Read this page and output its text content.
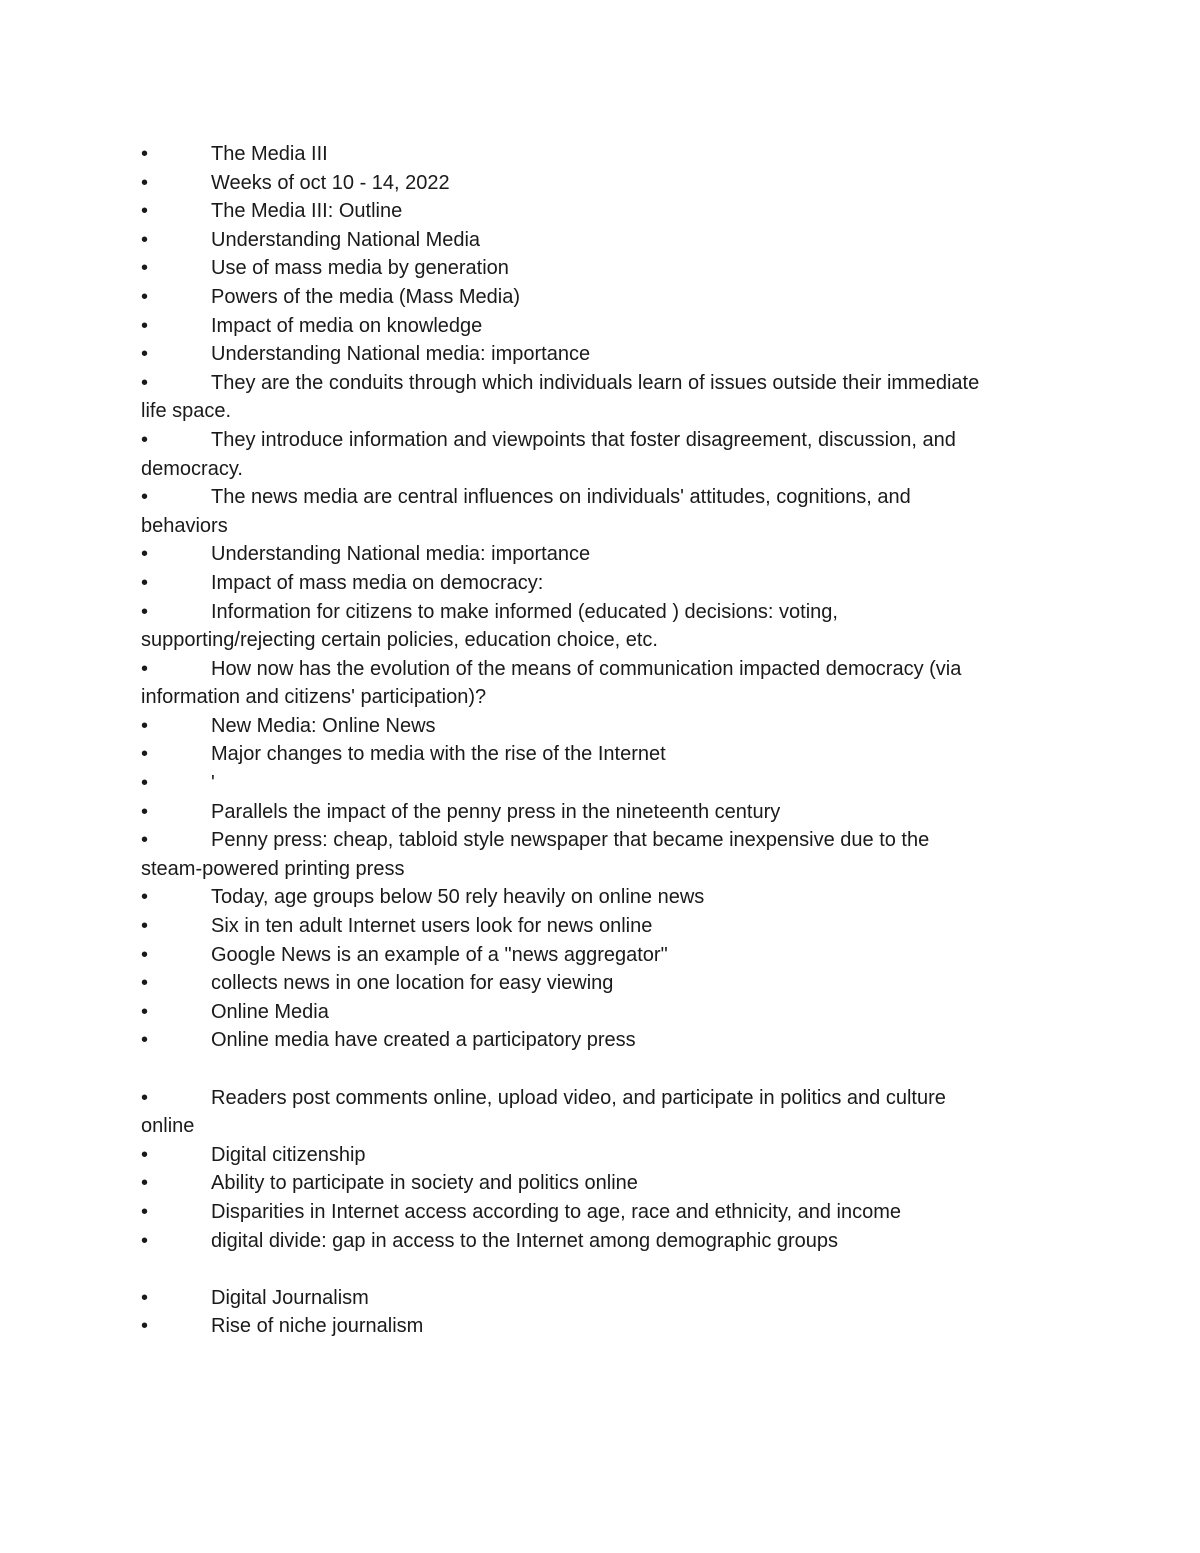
•	The Media III
•	Weeks of oct 10 - 14, 2022
•	The Media III: Outline
•	Understanding National Media
•	Use of mass media by generation
•	Powers of the media (Mass Media)
•	Impact of media on knowledge
•	Understanding National media: importance
•	They are the conduits through which individuals learn of issues outside their immediate
life space.
•	They introduce information and viewpoints that foster disagreement, discussion, and
democracy.
•	The news media are central influences on individuals' attitudes, cognitions, and
behaviors
•	Understanding National media: importance
•	Impact of mass media on democracy:
•	Information for citizens to make informed (educated ) decisions: voting,
supporting/rejecting certain policies, education choice, etc.
•	How now has the evolution of the means of communication impacted democracy (via
information and citizens' participation)?
•	New Media: Online News
•	Major changes to media with the rise of the Internet
•	'
•	Parallels the impact of the penny press in the nineteenth century
•	Penny press: cheap, tabloid style newspaper that became inexpensive due to the
steam-powered printing press
•	Today, age groups below 50 rely heavily on online news
•	Six in ten adult Internet users look for news online
•	Google News is an example of a "news aggregator"
•	collects news in one location for easy viewing
•	Online Media
•	Online media have created a participatory press
•	Readers post comments online, upload video, and participate in politics and culture
online
•	Digital citizenship
•	Ability to participate in society and politics online
•	Disparities in Internet access according to age, race and ethnicity, and income
•	digital divide: gap in access to the Internet among demographic groups
•	Digital Journalism
•	Rise of niche journalism
